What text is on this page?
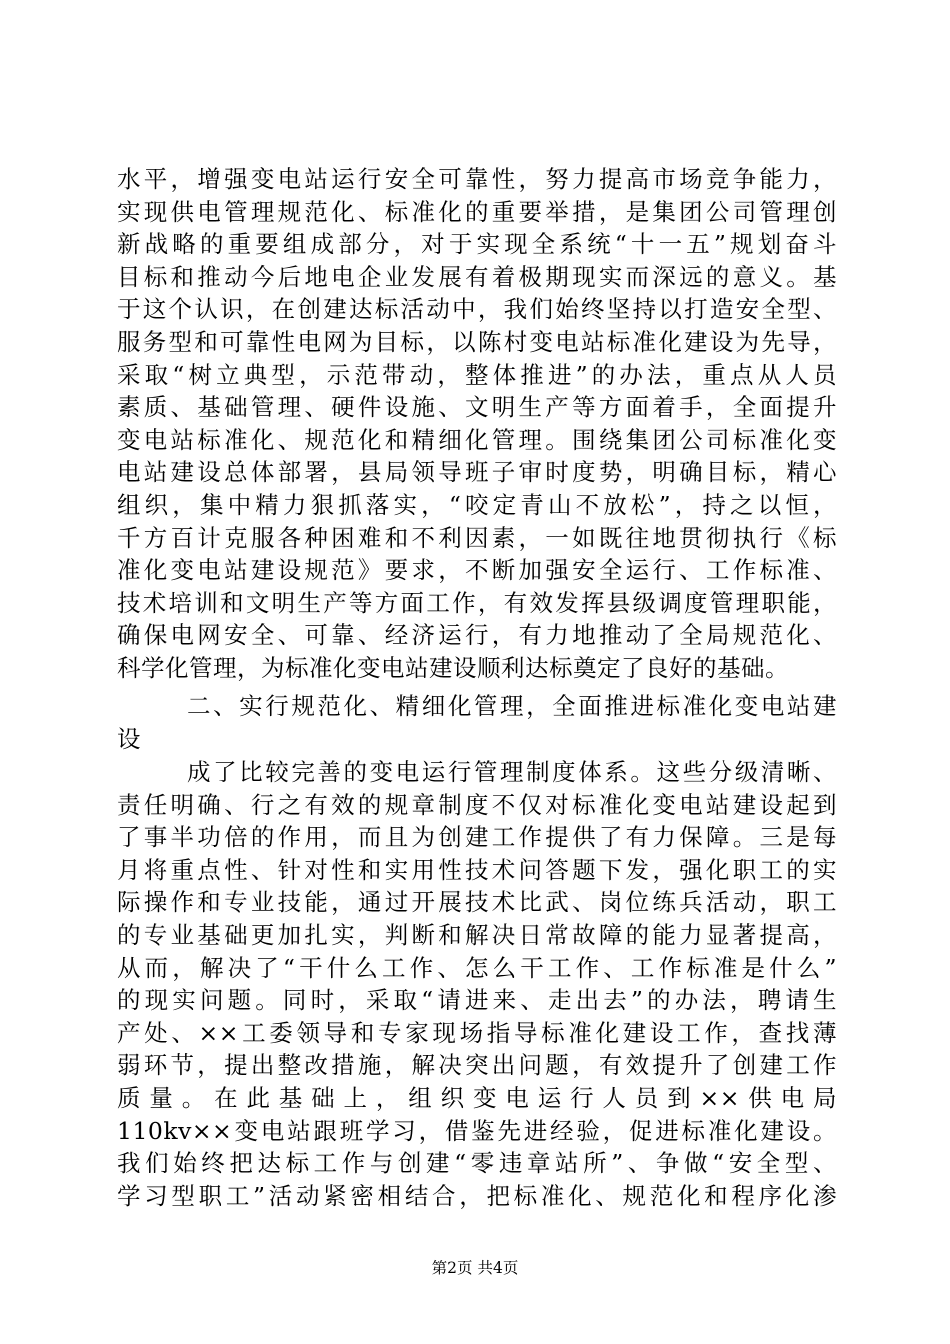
水平，增强变电站运行安全可靠性，努力提高市场竞争能力，
实现供电管理规范化、标准化的重要举措，是集团公司管理创
新战略的重要组成部分，对于实现全系统“十一五”规划奋斗
目标和推动今后地电企业发展有着极期现实而深远的意义。基
于这个认识，在创建达标活动中，我们始终坚持以打造安全型、
服务型和可靠性电网为目标，以陈村变电站标准化建设为先导，
采取“树立典型，示范带动，整体推进”的办法，重点从人员
素质、基础管理、硬件设施、文明生产等方面着手，全面提升
变电站标准化、规范化和精细化管理。围绕集团公司标准化变
电站建设总体部署，县局领导班子审时度势，明确目标，精心
组织，集中精力狠抓落实，“咬定青山不放松”，持之以恒，
千方百计克服各种困难和不利因素，一如既往地贯彻执行《标
准化变电站建设规范》要求，不断加强安全运行、工作标准、
技术培训和文明生产等方面工作，有效发挥县级调度管理职能，
确保电网安全、可靠、经济运行，有力地推动了全局规范化、
科学化管理，为标准化变电站建设顺利达标奠定了良好的基础。
二、实行规范化、精细化管理，全面推进标准化变电站建
设
成了比较完善的变电运行管理制度体系。这些分级清晰、
责任明确、行之有效的规章制度不仅对标准化变电站建设起到
了事半功倍的作用，而且为创建工作提供了有力保障。三是每
月将重点性、针对性和实用性技术问答题下发，强化职工的实
际操作和专业技能，通过开展技术比武、岗位练兵活动，职工
的专业基础更加扎实，判断和解决日常故障的能力显著提高，
从而，解决了“干什么工作、怎么干工作、工作标准是什么”
的现实问题。同时，采取“请进来、走出去”的办法，聘请生
产处、××工委领导和专家现场指导标准化建设工作，查找薄
弱环节，提出整改措施，解决突出问题，有效提升了创建工作
质量。在此基础上，组织变电运行人员到××供电局
110kv××变电站跟班学习，借鉴先进经验，促进标准化建设。
我们始终把达标工作与创建“零违章站所”、争做“安全型、
学习型职工”活动紧密相结合，把标准化、规范化和程序化渗
第2页 共4页
